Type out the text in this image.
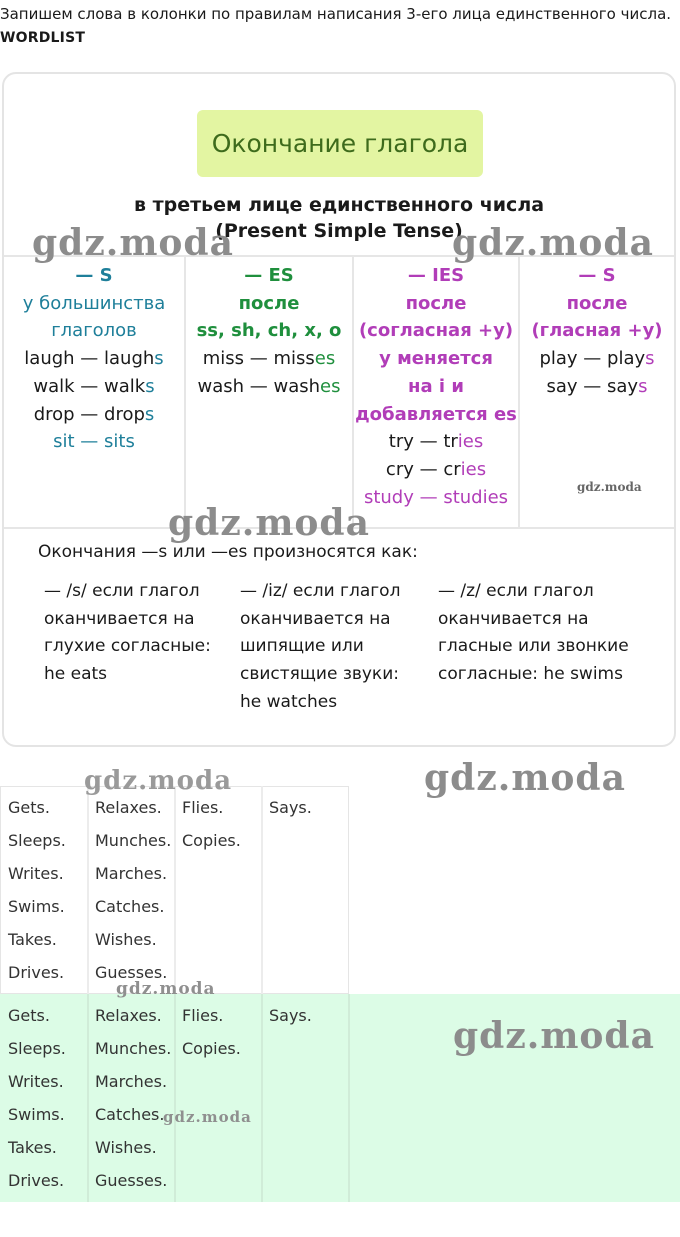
Запишем слова в колонки по правилам написания 3-его лица единственного числа.
WORDLIST
Окончание глагола
в третьем лице единственного числа
(Present Simple Tense)
— S
у большинства
глаголов
laugh — laughs
walk — walks
drop — drops
sit — sits
— ES
после
ss, sh, ch, x, o
miss — misses
wash — washes
— IES
после
(согласная +у)
у меняется
на i и
добавляется es
try — tries
cry — cries
study — studies
— S
после
(гласная +у)
play — plays
say — says
Окончания —s или —es произносятся как:
— /s/ если глагол
оканчивается на
глухие согласные:
he eats
— /iz/ если глагол
оканчивается на
шипящие или
свистящие звуки:
he watches
— /z/ если глагол
оканчивается на
гласные или звонкие
согласные: he swims
Gets.
Sleeps.
Writes.
Swims.
Takes.
Drives.
Relaxes.
Munches.
Marches.
Catches.
Wishes.
Guesses.
Flies.
Copies.
Says.
Gets.
Sleeps.
Writes.
Swims.
Takes.
Drives.
Relaxes.
Munches.
Marches.
Catches.
Wishes.
Guesses.
Flies.
Copies.
Says.
gdz.moda	gdz.moda
gdz.moda
gdz.moda
gdz.moda	gdz.moda
gdz.moda
gdz.moda
gdz.moda
